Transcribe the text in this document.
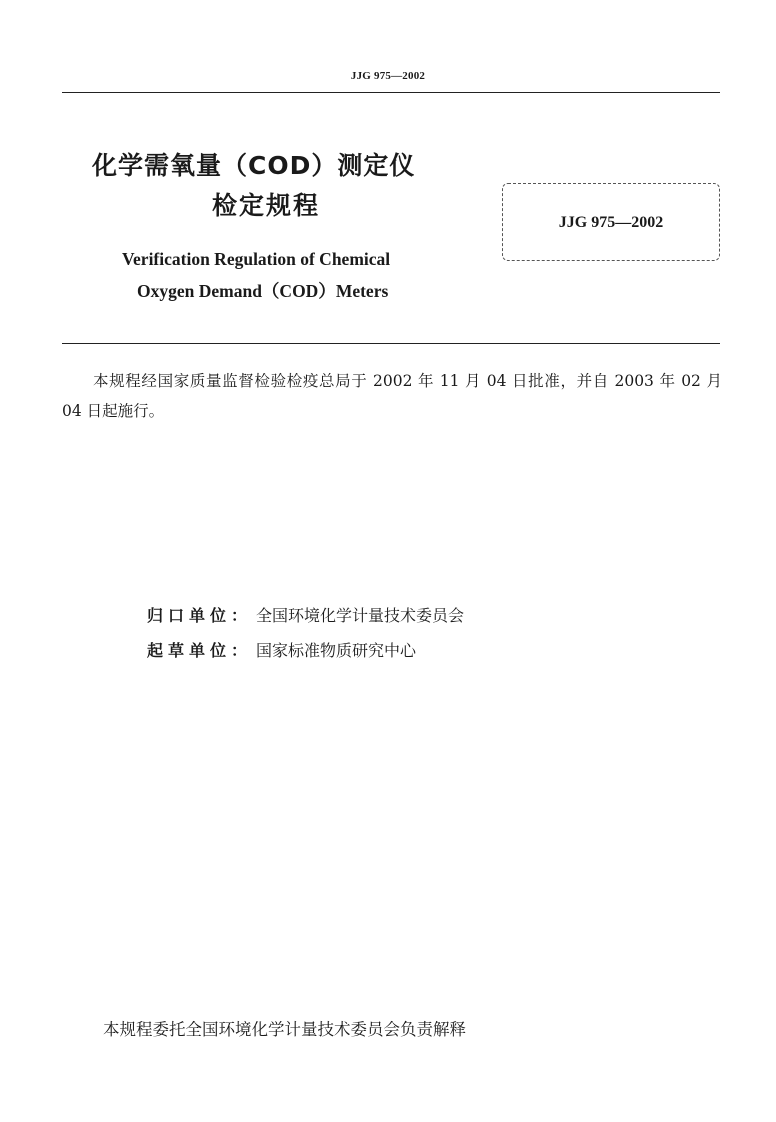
JJG 975—2002
化学需氧量（COD）测定仪
检定规程
JJG 975—2002
Verification Regulation of Chemical
Oxygen Demand（COD）Meters
本规程经国家质量监督检验检疫总局于 2002 年 11 月 04 日批准，并自 2003 年 02 月 04 日起施行。
归口单位： 全国环境化学计量技术委员会
起草单位： 国家标准物质研究中心
本规程委托全国环境化学计量技术委员会负责解释
